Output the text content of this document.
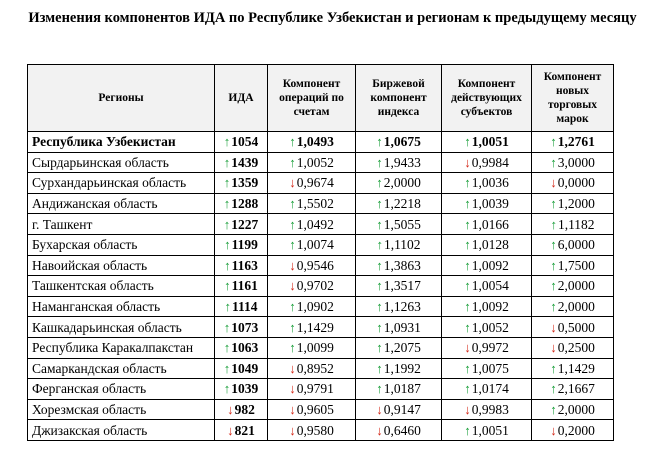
Изменения компонентов ИДА по Республике Узбекистан и регионам к предыдущему месяцу
Регионы	ИДА	Компонент операций по счетам	Биржевой компонент индекса	Компонент действующих субъектов	Компонент новых торговых марок
Республика Узбекистан	↑1054	↑1,0493	↑1,0675	↑1,0051	↑1,2761
Сырдарьинская область	↑1439	↑1,0052	↑1,9433	↓0,9984	↑3,0000
Сурхандарьинская область	↑1359	↓0,9674	↑2,0000	↑1,0036	↓0,0000
Андижанская область	↑1288	↑1,5502	↑1,2218	↑1,0039	↑1,2000
г. Ташкент	↑1227	↑1,0492	↑1,5055	↑1,0166	↑1,1182
Бухарская область	↑1199	↑1,0074	↑1,1102	↑1,0128	↑6,0000
Навоийская область	↑1163	↓0,9546	↑1,3863	↑1,0092	↑1,7500
Ташкентская область	↑1161	↓0,9702	↑1,3517	↑1,0054	↑2,0000
Наманганская область	↑1114	↑1,0902	↑1,1263	↑1,0092	↑2,0000
Кашкадарьинская область	↑1073	↑1,1429	↑1,0931	↑1,0052	↓0,5000
Республика Каракалпакстан	↑1063	↑1,0099	↑1,2075	↓0,9972	↓0,2500
Самаркандская область	↑1049	↓0,8952	↑1,1992	↑1,0075	↑1,1429
Ферганская область	↑1039	↓0,9791	↑1,0187	↑1,0174	↑2,1667
Хорезмская область	↓982	↓0,9605	↓0,9147	↓0,9983	↑2,0000
Джизакская область	↓821	↓0,9580	↓0,6460	↑1,0051	↓0,2000
